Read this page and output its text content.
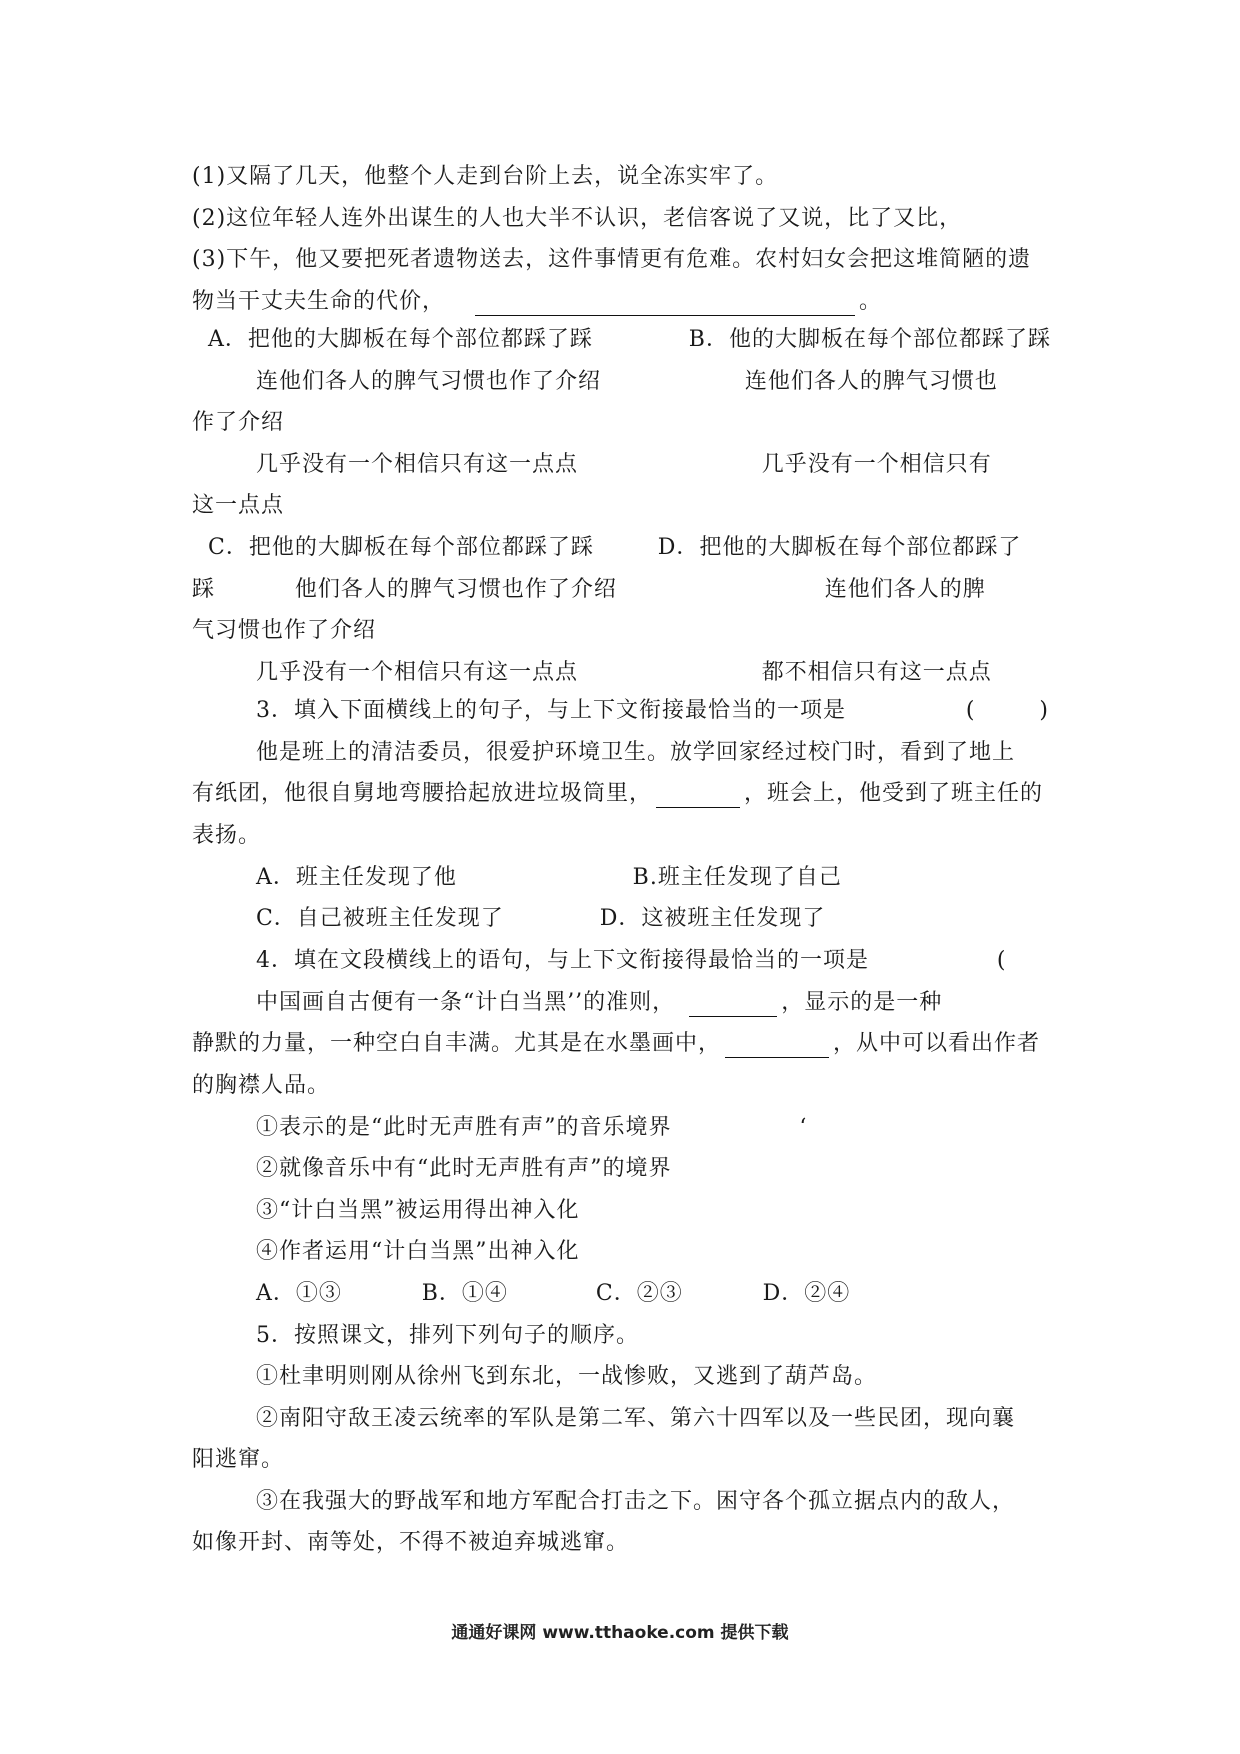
(1)又隔了几天，他整个人走到台阶上去，说全冻实牢了。
(2)这位年轻人连外出谋生的人也大半不认识，老信客说了又说，比了又比，
(3)下午，他又要把死者遗物送去，这件事情更有危难。农村妇女会把这堆简陋的遗
物当干丈夫生命的代价，	。
A．把他的大脚板在每个部位都踩了踩            B．他的大脚板在每个部位都踩了踩
连他们各人的脾气习惯也作了介绍                  连他们各人的脾气习惯也
作了介绍
几乎没有一个相信只有这一点点                       几乎没有一个相信只有
这一点点
C．把他的大脚板在每个部位都踩了踩        D．把他的大脚板在每个部位都踩了
踩          他们各人的脾气习惯也作了介绍                          连他们各人的脾
气习惯也作了介绍
几乎没有一个相信只有这一点点                       都不相信只有这一点点
3．填入下面横线上的句子，与上下文衔接最恰当的一项是               (        )
他是班上的清洁委员，很爱护环境卫生。放学回家经过校门时，看到了地上
有纸团，他很自舅地弯腰拾起放进垃圾筒里，	，班会上，他受到了班主任的
表扬。
A．班主任发现了他                      B.班主任发现了自己
C．自己被班主任发现了            D．这被班主任发现了
4．填在文段横线上的语句，与上下文衔接得最恰当的一项是                (
中国画自古便有一条“计白当黑’’的准则，	，显示的是一种
静默的力量，一种空白自丰满。尤其是在水墨画中，	，从中可以看出作者
的胸襟人品。
①表示的是“此时无声胜有声”的音乐境界                ‘
②就像音乐中有“此时无声胜有声”的境界
③“计白当黑”被运用得出神入化
④作者运用“计白当黑”出神入化
A．①③          B．①④           C．②③          D．②④
5．按照课文，排列下列句子的顺序。
①杜聿明则刚从徐州飞到东北，一战惨败，又逃到了葫芦岛。
②南阳守敌王凌云统率的军队是第二军、第六十四军以及一些民团，现向襄
阳逃窜。
③在我强大的野战军和地方军配合打击之下。困守各个孤立据点内的敌人，
如像开封、南等处，不得不被迫弃城逃窜。
通通好课网 www.tthaoke.com 提供下载
